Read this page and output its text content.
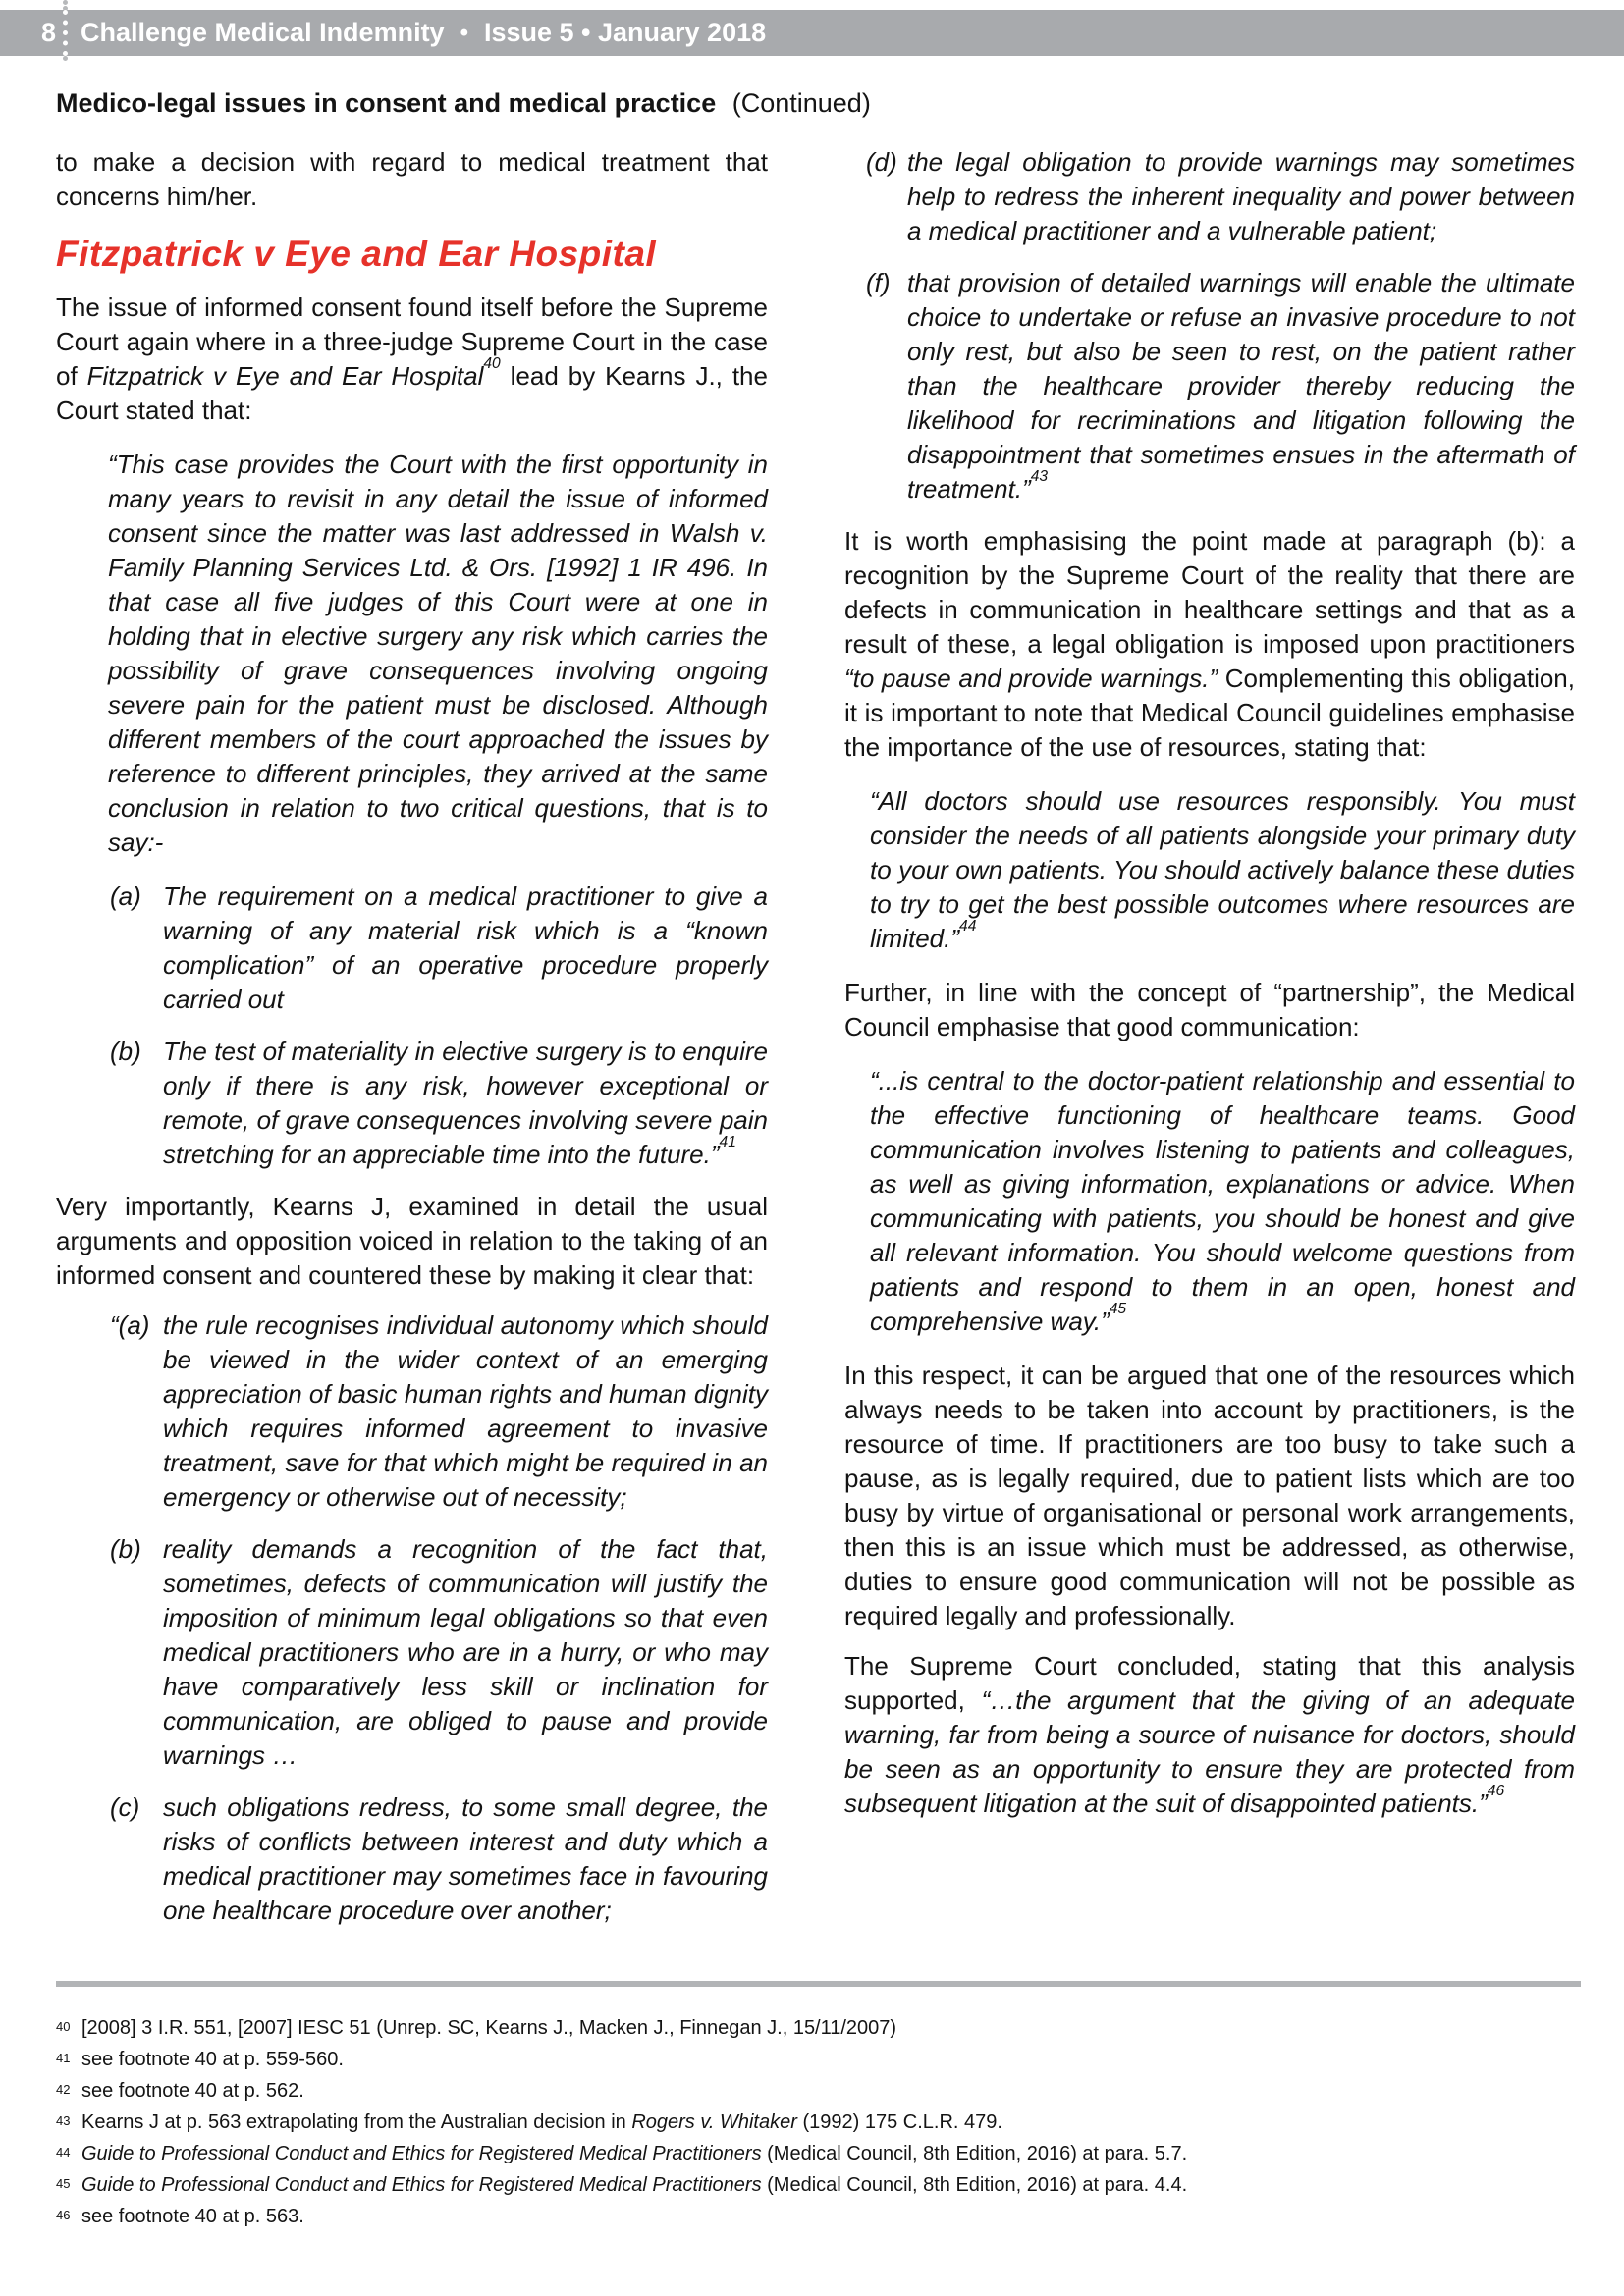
8 Challenge Medical Indemnity • Issue 5 • January 2018
Medico-legal issues in consent and medical practice (Continued)

to make a decision with regard to medical treatment that concerns him/her.

Fitzpatrick v Eye and Ear Hospital

The issue of informed consent found itself before the Supreme Court again where in a three-judge Supreme Court in the case of Fitzpatrick v Eye and Ear Hospital$^{40}$ lead by Kearns J., the Court stated that:

“This case provides the Court with the first opportunity in many years to revisit in any detail the issue of informed consent since the matter was last addressed in Walsh v. Family Planning Services Ltd. & Ors. [1992] 1 IR 496. In that case all five judges of this Court were at one in holding that in elective surgery any risk which carries the possibility of grave consequences involving ongoing severe pain for the patient must be disclosed. Although different members of the court approached the issues by reference to different principles, they arrived at the same conclusion in relation to two critical questions, that is to say:-

(a) The requirement on a medical practitioner to give a warning of any material risk which is a “known complication” of an operative procedure properly carried out
(b) The test of materiality in elective surgery is to enquire only if there is any risk, however exceptional or remote, of grave consequences involving severe pain stretching for an appreciable time into the future.”$^{41}$

Very importantly, Kearns J, examined in detail the usual arguments and opposition voiced in relation to the taking of an informed consent and countered these by making it clear that:

“(a) the rule recognises individual autonomy which should be viewed in the wider context of an emerging appreciation of basic human rights and human dignity which requires informed agreement to invasive treatment, save for that which might be required in an emergency or otherwise out of necessity;
(b) reality demands a recognition of the fact that, sometimes, defects of communication will justify the imposition of minimum legal obligations so that even medical practitioners who are in a hurry, or who may have comparatively less skill or inclination for communication, are obliged to pause and provide warnings …
(c) such obligations redress, to some small degree, the risks of conflicts between interest and duty which a medical practitioner may sometimes face in favouring one healthcare procedure over another;
(d) the legal obligation to provide warnings may sometimes help to redress the inherent inequality and power between a medical practitioner and a vulnerable patient;
(f) that provision of detailed warnings will enable the ultimate choice to undertake or refuse an invasive procedure to not only rest, but also be seen to rest, on the patient rather than the healthcare provider thereby reducing the likelihood for recriminations and litigation following the disappointment that sometimes ensues in the aftermath of treatment.”$^{43}$

It is worth emphasising the point made at paragraph (b): a recognition by the Supreme Court of the reality that there are defects in communication in healthcare settings and that as a result of these, a legal obligation is imposed upon practitioners “to pause and provide warnings.” Complementing this obligation, it is important to note that Medical Council guidelines emphasise the importance of the use of resources, stating that:

“All doctors should use resources responsibly. You must consider the needs of all patients alongside your primary duty to your own patients. You should actively balance these duties to try to get the best possible outcomes where resources are limited.”$^{44}$

Further, in line with the concept of “partnership”, the Medical Council emphasise that good communication:

“...is central to the doctor-patient relationship and essential to the effective functioning of healthcare teams. Good communication involves listening to patients and colleagues, as well as giving information, explanations or advice. When communicating with patients, you should be honest and give all relevant information. You should welcome questions from patients and respond to them in an open, honest and comprehensive way.”$^{45}$

In this respect, it can be argued that one of the resources which always needs to be taken into account by practitioners, is the resource of time. If practitioners are too busy to take such a pause, as is legally required, due to patient lists which are too busy by virtue of organisational or personal work arrangements, then this is an issue which must be addressed, as otherwise, duties to ensure good communication will not be possible as required legally and professionally.

The Supreme Court concluded, stating that this analysis supported, “…the argument that the giving of an adequate warning, far from being a source of nuisance for doctors, should be seen as an opportunity to ensure they are protected from subsequent litigation at the suit of disappointed patients.”$^{46}$

40 [2008] 3 I.R. 551, [2007] IESC 51 (Unrep. SC, Kearns J., Macken J., Finnegan J., 15/11/2007)
41 see footnote 40 at p. 559-560.
42 see footnote 40 at p. 562.
43 Kearns J at p. 563 extrapolating from the Australian decision in Rogers v. Whitaker (1992) 175 C.L.R. 479.
44 Guide to Professional Conduct and Ethics for Registered Medical Practitioners (Medical Council, 8th Edition, 2016) at para. 5.7.
45 Guide to Professional Conduct and Ethics for Registered Medical Practitioners (Medical Council, 8th Edition, 2016) at para. 4.4.
46 see footnote 40 at p. 563.
